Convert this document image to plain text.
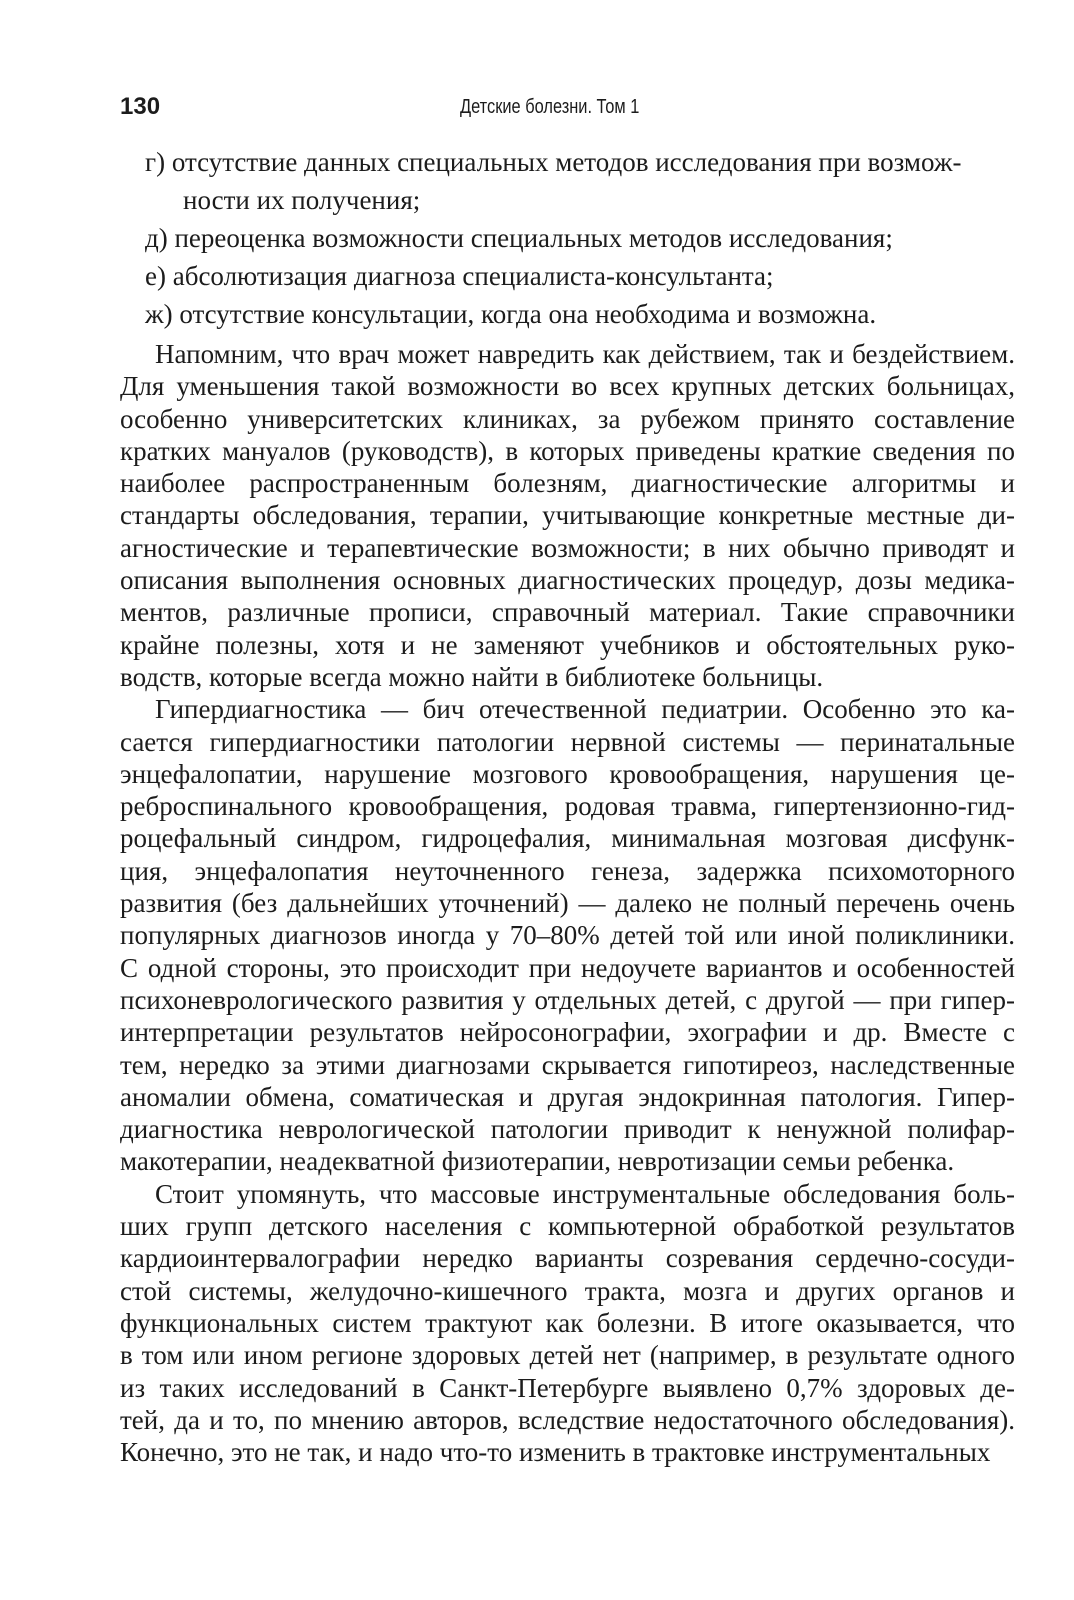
130	Детские болезни. Том 1
г) отсутствие данных специальных методов исследования при возмож-
ности их получения;
д) переоценка возможности специальных методов исследования;
е) абсолютизация диагноза специалиста-консультанта;
ж) отсутствие консультации, когда она необходима и возможна.
Напомним, что врач может навредить как действием, так и бездействием.
Для уменьшения такой возможности во всех крупных детских больницах,
особенно университетских клиниках, за рубежом принято составление
кратких мануалов (руководств), в которых приведены краткие сведения по
наиболее распространенным болезням, диагностические алгоритмы и
стандарты обследования, терапии, учитывающие конкретные местные ди-
агностические и терапевтические возможности; в них обычно приводят и
описания выполнения основных диагностических процедур, дозы медика-
ментов, различные прописи, справочный материал. Такие справочники
крайне полезны, хотя и не заменяют учебников и обстоятельных руко-
водств, которые всегда можно найти в библиотеке больницы.
Гипердиагностика — бич отечественной педиатрии. Особенно это ка-
сается гипердиагностики патологии нервной системы — перинатальные
энцефалопатии, нарушение мозгового кровообращения, нарушения це-
реброспинального кровообращения, родовая травма, гипертензионно-гид-
роцефальный синдром, гидроцефалия, минимальная мозговая дисфунк-
ция, энцефалопатия неуточненного генеза, задержка психомоторного
развития (без дальнейших уточнений) — далеко не полный перечень очень
популярных диагнозов иногда у 70–80% детей той или иной поликлиники.
С одной стороны, это происходит при недоучете вариантов и особенностей
психоневрологического развития у отдельных детей, с другой — при гипер-
интерпретации результатов нейросонографии, эхографии и др. Вместе с
тем, нередко за этими диагнозами скрывается гипотиреоз, наследственные
аномалии обмена, соматическая и другая эндокринная патология. Гипер-
диагностика неврологической патологии приводит к ненужной полифар-
макотерапии, неадекватной физиотерапии, невротизации семьи ребенка.
Стоит упомянуть, что массовые инструментальные обследования боль-
ших групп детского населения с компьютерной обработкой результатов
кардиоинтервалографии нередко варианты созревания сердечно-сосуди-
стой системы, желудочно-кишечного тракта, мозга и других органов и
функциональных систем трактуют как болезни. В итоге оказывается, что
в том или ином регионе здоровых детей нет (например, в результате одного
из таких исследований в Санкт-Петербурге выявлено 0,7% здоровых де-
тей, да и то, по мнению авторов, вследствие недостаточного обследования).
Конечно, это не так, и надо что-то изменить в трактовке инструментальных
